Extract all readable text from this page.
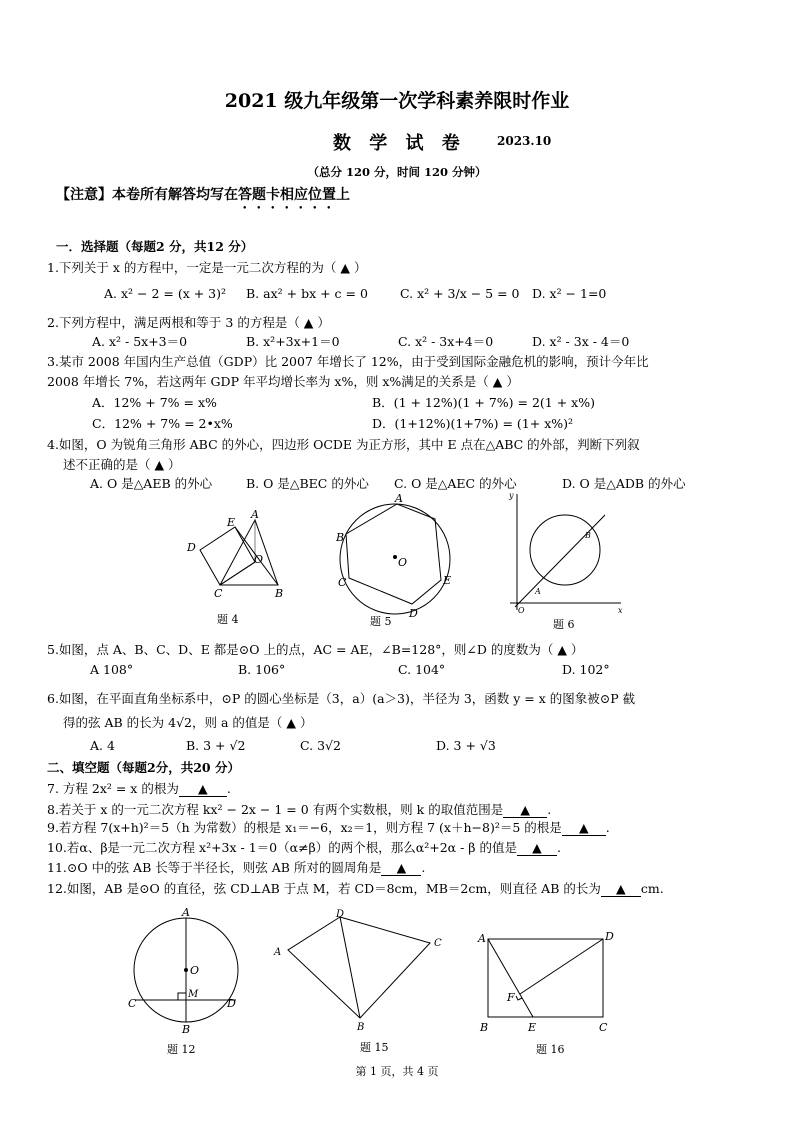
2021 级九年级第一次学科素养限时作业
数 学 试 卷	2023.10
（总分 120 分，时间 120 分钟）
【注意】本卷所有解答均写在答题卡相应位置上
一．选择题（每题2 分，共12 分）
1.下列关于 x 的方程中，一定是一元二次方程的为（ ▲ ）
A. x² − 2 = (x + 3)² B. ax² + bx + c = 0	C. x² + 3/x − 5 = 0 D. x² − 1=0
2.下列方程中，满足两根和等于 3 的方程是（ ▲ ）
A. x² - 5x+3＝0	B. x²+3x+1＝0	C. x² - 3x+4＝0	D. x² - 3x - 4＝0
3.某市 2008 年国内生产总值（GDP）比 2007 年增长了 12%，由于受到国际金融危机的影响，预计今年比
2008 年增长 7%，若这两年 GDP 年平均增长率为 x%，则 x%满足的关系是（ ▲ ）
A．12% + 7% = x%	B．(1 + 12%)(1 + 7%) = 2(1 + x%)
C．12% + 7% = 2•x%	D．(1+12%)(1+7%) = (1+ x%)²
4.如图，O 为锐角三角形 ABC 的外心，四边形 OCDE 为正方形，其中 E 点在△ABC 的外部，判断下列叙
述不正确的是（ ▲ ）
A. O 是△AEB 的外心	B. O 是△BEC 的外心 C. O 是△AEC 的外心	D. O 是△ADB 的外心
A
E
D
O
C	B
题 4
A
B
C
D
E
O
题 5
y
x
O
A
B
题 6
5.如图，点 A、B、C、D、E 都是⊙O 上的点，AC = AE，∠B=128°，则∠D 的度数为（ ▲ ）
A 108°	B. 106°	C. 104°	D. 102°
6.如图，在平面直角坐标系中，⊙P 的圆心坐标是（3，a）(a＞3)，半径为 3，函数 y = x 的图象被⊙P 截
得的弦 AB 的长为 4√2，则 a 的值是（ ▲ ）
A. 4	B. 3 + √2	C. 3√2	D. 3 + √3
二、填空题（每题2分，共20 分）
7. 方程 2x² = x 的根为 ▲ .
8.若关于 x 的一元二次方程 kx² − 2x − 1 = 0 有两个实数根，则 k 的取值范围是 ▲ .
9.若方程 7(x+h)²＝5（h 为常数）的根是 x₁＝−6，x₂＝1，则方程 7 (x＋h−8)²＝5 的根是 ▲ .
10.若α、β是一元二次方程 x²+3x - 1＝0（α≠β）的两个根，那么α²+2α - β 的值是 ▲ .
11.⊙O 中的弦 AB 长等于半径长，则弦 AB 所对的圆周角是 ▲ .
12.如图，AB 是⊙O 的直径，弦 CD⊥AB 于点 M，若 CD＝8cm，MB＝2cm，则直径 AB 的长为 ▲ cm.
A
O
M
C	D
B
题 12
D
C
A
B
题 15
A	D
F
B	E	C
题 16
第 1 页，共 4 页
